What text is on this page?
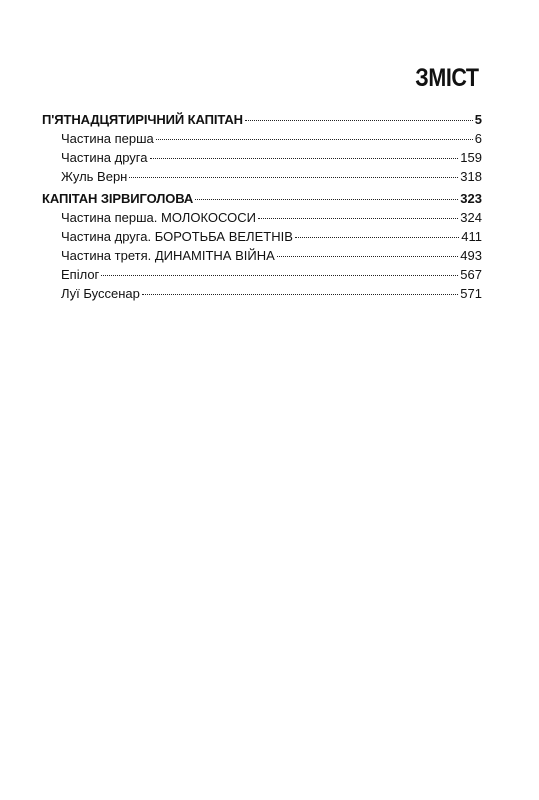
ЗМІСТ
П'ЯТНАДЦЯТИРІЧНИЙ КАПІТАН	5
Частина перша	6
Частина друга	159
Жуль Верн	318
КАПІТАН ЗІРВИГОЛОВА	323
Частина перша. МОЛОКОСОСИ	324
Частина друга. БОРОТЬБА ВЕЛЕТНІВ	411
Частина третя. ДИНАМІТНА ВІЙНА	493
Епілог	567
Луї Буссенар	571
